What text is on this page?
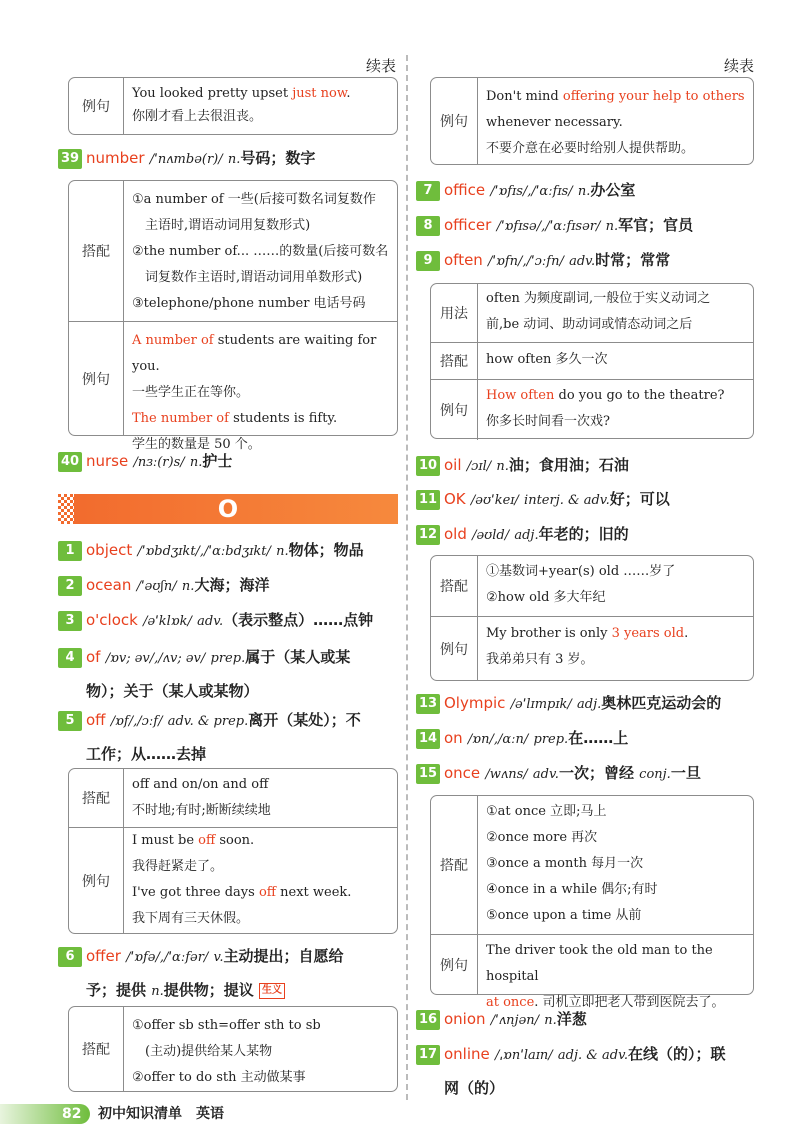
续表
例句
You looked pretty upset just now.
你刚才看上去很沮丧。
39 number /ˈnʌmbə(r)/ n.号码；数字
搭配
①a number of 一些(后接可数名词复数作
主语时,谓语动词用复数形式)
②the number of... ……的数量(后接可数名
词复数作主语时,谓语动词用单数形式)
③telephone/phone number 电话号码
例句
A number of students are waiting for you.
一些学生正在等你。
The number of students is fifty.
学生的数量是 50 个。
40 nurse /nɜː(r)s/ n.护士
O
1 object /ˈɒbdʒɪkt/,/ˈɑːbdʒɪkt/ n.物体；物品
2 ocean /ˈəʊʃn/ n.大海；海洋
3 o'clock /əˈklɒk/ adv.（表示整点）……点钟
4 of /ɒv; əv/,/ʌv; əv/ prep.属于（某人或某
物）；关于（某人或某物）
5 off /ɒf/,/ɔːf/ adv. & prep.离开（某处）；不
工作；从……去掉
搭配
off and on/on and off
不时地;有时;断断续续地
例句
I must be off soon.
我得赶紧走了。
I've got three days off next week.
我下周有三天休假。
6 offer /ˈɒfə/,/ˈɑːfər/ v.主动提出；自愿给
予；提供 n.提供物；提议 生义
搭配
①offer sb sth=offer sth to sb
(主动)提供给某人某物
②offer to do sth 主动做某事
续表
例句
Don't mind offering your help to others
whenever necessary.
不要介意在必要时给别人提供帮助。
7 office /ˈɒfɪs/,/ˈɑːfɪs/ n.办公室
8 officer /ˈɒfɪsə/,/ˈɑːfɪsər/ n.军官；官员
9 often /ˈɒfn/,/ˈɔːfn/ adv.时常；常常
用法
often 为频度副词,一般位于实义动词之
前,be 动词、助动词或情态动词之后
搭配	how often 多久一次
例句
How often do you go to the theatre?
你多长时间看一次戏?
10 oil /ɔɪl/ n.油；食用油；石油
11 OK /əʊˈkeɪ/ interj. & adv.好；可以
12 old /əʊld/ adj.年老的；旧的
搭配
①基数词+year(s) old ……岁了
②how old 多大年纪
例句
My brother is only 3 years old.
我弟弟只有 3 岁。
13 Olympic /əˈlɪmpɪk/ adj.奥林匹克运动会的
14 on /ɒn/,/ɑːn/ prep.在……上
15 once /wʌns/ adv.一次；曾经 conj.一旦
搭配
①at once 立即;马上
②once more 再次
③once a month 每月一次
④once in a while 偶尔;有时
⑤once upon a time 从前
例句
The driver took the old man to the hospital
at once. 司机立即把老人带到医院去了。
16 onion /ˈʌnjən/ n.洋葱
17 online /ˌɒnˈlaɪn/ adj. & adv.在线（的）；联
网（的）
82 初中知识清单　英语
